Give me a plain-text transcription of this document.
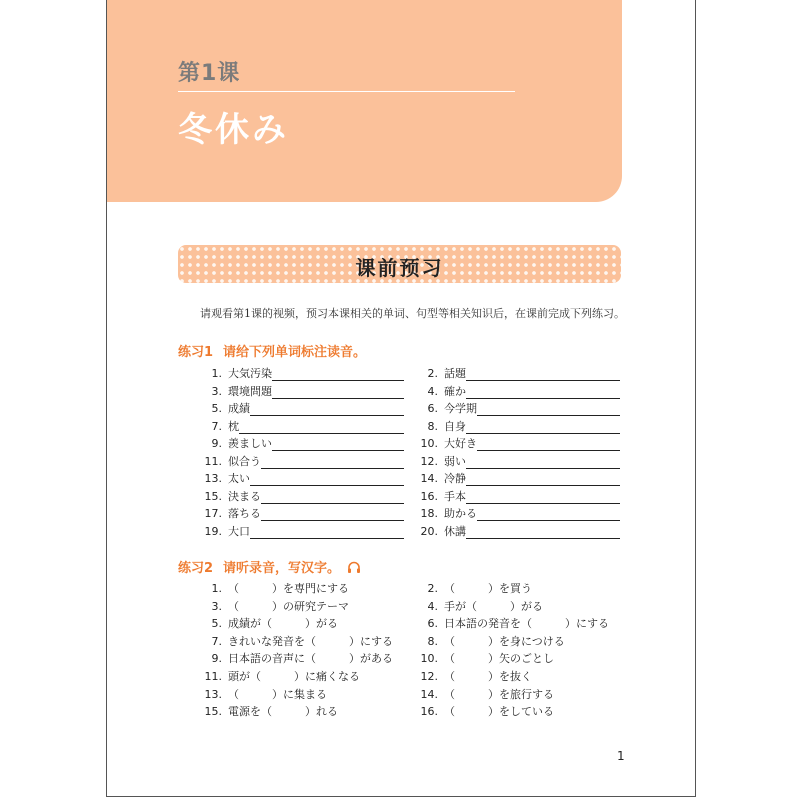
第1课
冬休み
课前预习
请观看第1课的视频，预习本课相关的单词、句型等相关知识后，在课前完成下列练习。
练习1 请给下列单词标注读音。
练习2 请听录音，写汉字。
1
1. 大気汚染	2. 話題
3. 環境問題	4. 確か
5. 成績	6. 今学期
7. 枕	8. 自身
9. 羨ましい	10. 大好き
11. 似合う	12. 弱い
13. 太い	14. 冷静
15. 決まる	16. 手本
17. 落ちる	18. 助かる
19. 大口	20. 休講
1. （　　　）を専門にする	2. （　　　）を買う
3. （　　　）の研究テーマ	4. 手が（　　　）がる
5. 成績が（　　　）がる	6. 日本語の発音を（　　　）にする
7. きれいな発音を（　　　）にする	8. （　　　）を身につける
9. 日本語の音声に（　　　）がある	10. （　　　）矢のごとし
11. 頭が（　　　）に痛くなる	12. （　　　）を抜く
13. （　　　）に集まる	14. （　　　）を旅行する
15. 電源を（　　　）れる	16. （　　　）をしている
